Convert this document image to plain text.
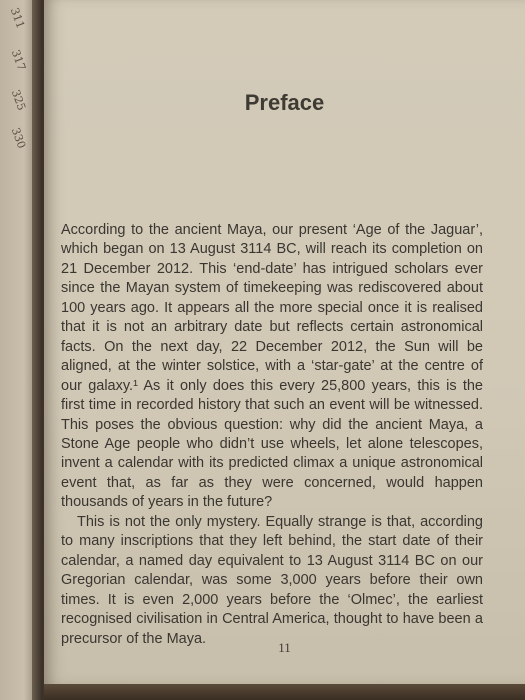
311
317
325
330
Preface

According to the ancient Maya, our present ‘Age of the Jaguar’, which began on 13 August 3114 BC, will reach its completion on 21 December 2012. This ‘end-date’ has intrigued scholars ever since the Mayan system of timekeeping was rediscovered about 100 years ago. It appears all the more special once it is realised that it is not an arbitrary date but reflects certain astronomical facts. On the next day, 22 December 2012, the Sun will be aligned, at the winter solstice, with a ‘star-gate’ at the centre of our galaxy.¹ As it only does this every 25,800 years, this is the first time in recorded history that such an event will be witnessed. This poses the obvious question: why did the ancient Maya, a Stone Age people who didn’t use wheels, let alone telescopes, invent a calendar with its predicted climax a unique astronomical event that, as far as they were concerned, would happen thousands of years in the future?

This is not the only mystery. Equally strange is that, according to many inscriptions that they left behind, the start date of their calendar, a named day equivalent to 13 August 3114 BC on our Gregorian calendar, was some 3,000 years before their own times. It is even 2,000 years before the ‘Olmec’, the earliest recognised civilisation in Central America, thought to have been a precursor of the Maya.

11
